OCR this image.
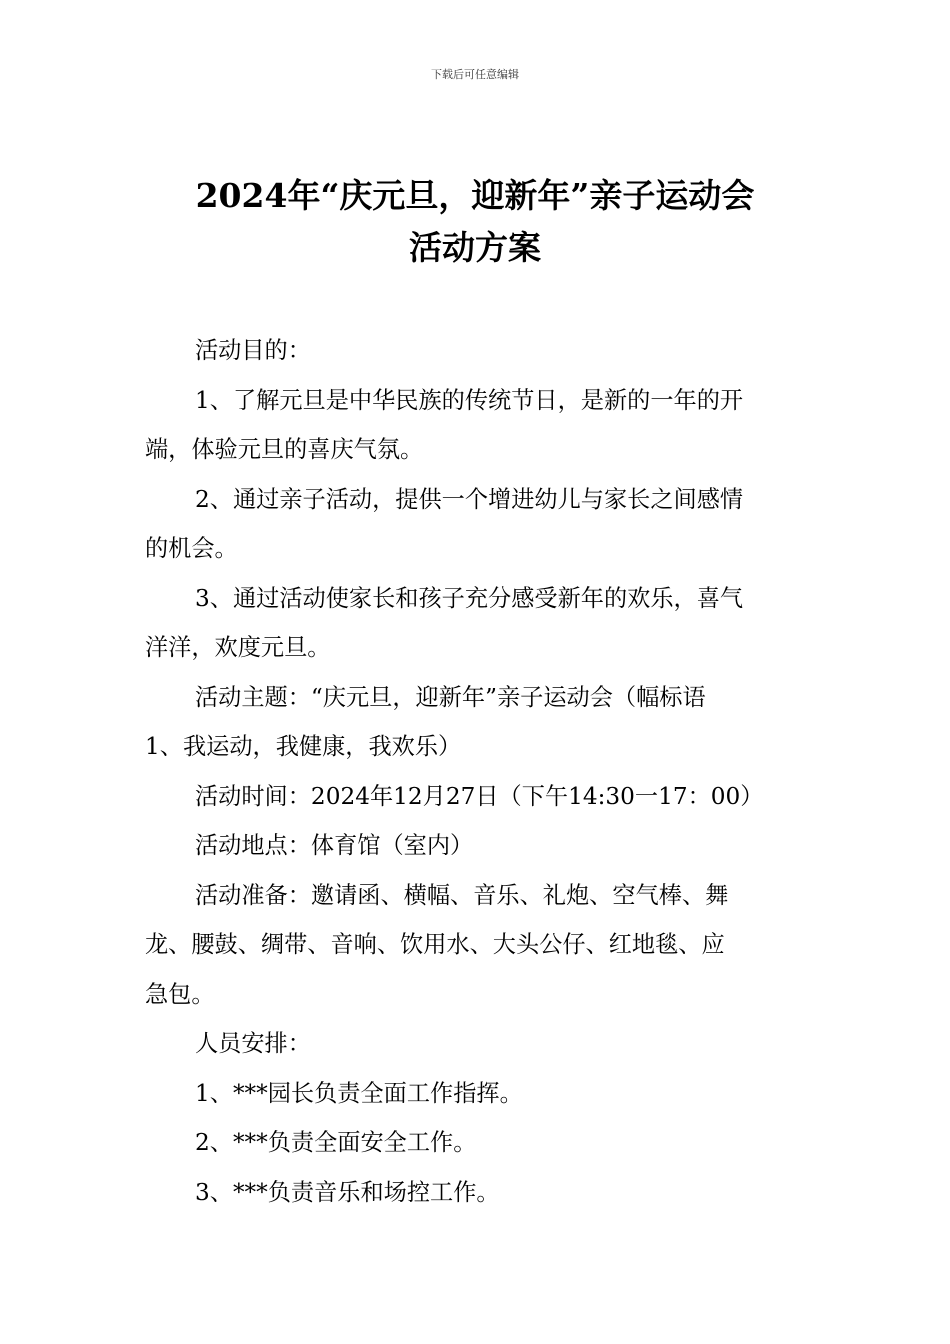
下载后可任意编辑
2024年“庆元旦，迎新年”亲子运动会
活动方案
活动目的：
1、了解元旦是中华民族的传统节日，是新的一年的开
端，体验元旦的喜庆气氛。
2、通过亲子活动，提供一个增进幼儿与家长之间感情
的机会。
3、通过活动使家长和孩子充分感受新年的欢乐，喜气
洋洋，欢度元旦。
活动主题：“庆元旦，迎新年”亲子运动会（幅标语
1、我运动，我健康，我欢乐）
活动时间：2024年12月27日（下午14:30一17：00）
活动地点：体育馆（室内）
活动准备：邀请函、横幅、音乐、礼炮、空气棒、舞
龙、腰鼓、绸带、音响、饮用水、大头公仔、红地毯、应
急包。
人员安排：
1、***园长负责全面工作指挥。
2、***负责全面安全工作。
3、***负责音乐和场控工作。
